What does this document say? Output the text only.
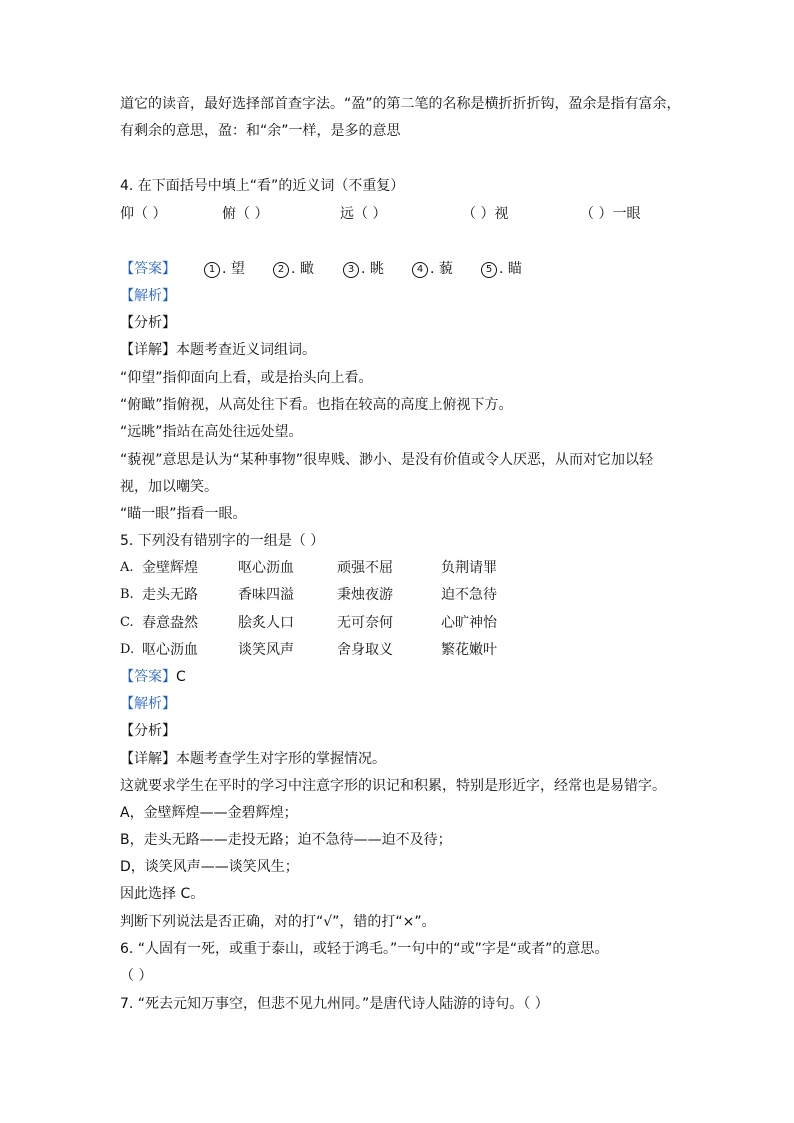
道它的读音，最好选择部首查字法。“盈”的第二笔的名称是横折折折钩，盈余是指有富余，
有剩余的意思，盈：和“余”一样，是多的意思
4. 在下面括号中填上“看”的近义词（不重复）
仰（ ）	俯（ ）	远（ ）	（ ）视	（ ）一眼
【答案】	1 . 望	2 . 瞰	3 . 眺	4 . 藐	5 . 瞄
【解析】
【分析】
【详解】本题考查近义词组词。
“仰望”指仰面向上看，或是抬头向上看。
“俯瞰”指俯视，从高处往下看。也指在较高的高度上俯视下方。
“远眺”指站在高处往远处望。
“藐视”意思是认为“某种事物”很卑贱、渺小、是没有价值或令人厌恶，从而对它加以轻
视，加以嘲笑。
“瞄一眼”指看一眼。
5. 下列没有错别字的一组是（ ）
A. 金壁辉煌	呕心沥血	顽强不屈	负荆请罪
B. 走头无路	香味四溢	秉烛夜游	迫不急待
C. 春意盎然	脍炙人口	无可奈何	心旷神怡
D. 呕心沥血	谈笑风声	舍身取义	繁花嫩叶
【答案】C
【解析】
【分析】
【详解】本题考查学生对字形的掌握情况。
这就要求学生在平时的学习中注意字形的识记和积累，特别是形近字，经常也是易错字。
A，金壁辉煌——金碧辉煌；
B，走头无路——走投无路；迫不急待——迫不及待；
D，谈笑风声——谈笑风生；
因此选择 C。
判断下列说法是否正确，对的打“√”，错的打“×”。
6. “人固有一死，或重于泰山，或轻于鸿毛。”一句中的“或”字是“或者”的意思。
（ ）
7. “死去元知万事空，但悲不见九州同。”是唐代诗人陆游的诗句。（ ）
